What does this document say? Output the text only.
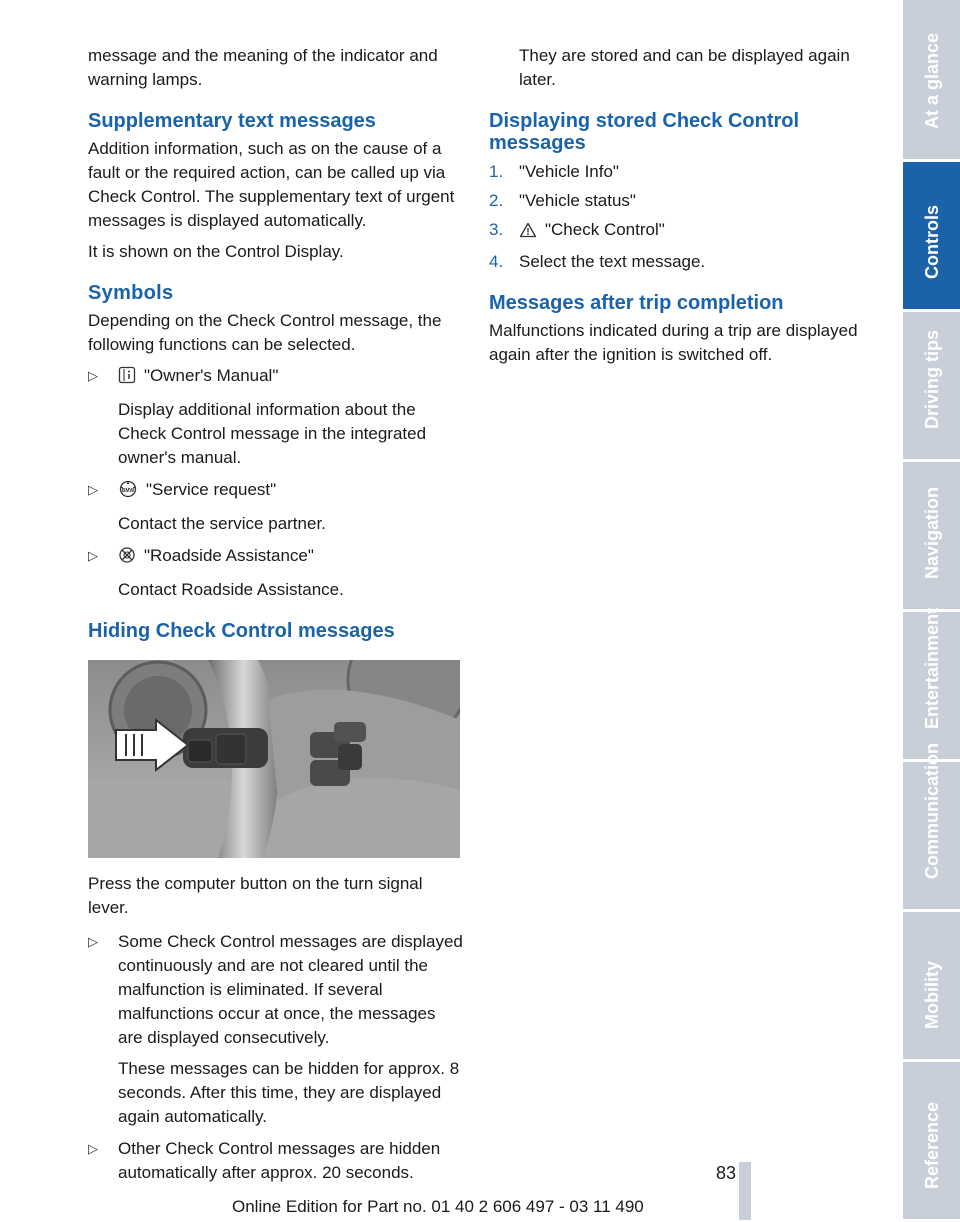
message and the meaning of the indicator and warning lamps.

Supplementary text messages

Addition information, such as on the cause of a fault or the required action, can be called up via Check Control. The supplementary text of urgent messages is displayed automatically.

It is shown on the Control Display.

Symbols

Depending on the Check Control message, the following functions can be selected.

▷	"Owner's Manual"
Display additional information about the Check Control message in the integrated owner's manual.
▷	BMW "Service request"
Contact the service partner.
▷	"Roadside Assistance"
Contact Roadside Assistance.
Hiding Check Control messages

Press the computer button on the turn signal lever.

▷ Some Check Control messages are displayed continuously and are not cleared until the malfunction is eliminated. If several malfunctions occur at once, the messages are displayed consecutively.
These messages can be hidden for approx. 8 seconds. After this time, they are displayed again automatically.
▷ Other Check Control messages are hidden automatically after approx. 20 seconds.

They are stored and can be displayed again later.

Displaying stored Check Control messages
1. "Vehicle Info"
2. "Vehicle status"
3. "Check Control"
4. Select the text message.
Messages after trip completion

Malfunctions indicated during a trip are displayed again after the ignition is switched off.

At a glance
Controls
Driving tips
Navigation
Entertainment
Communication
Mobility
Reference
83
Online Edition for Part no. 01 40 2 606 497 - 03 11 490
